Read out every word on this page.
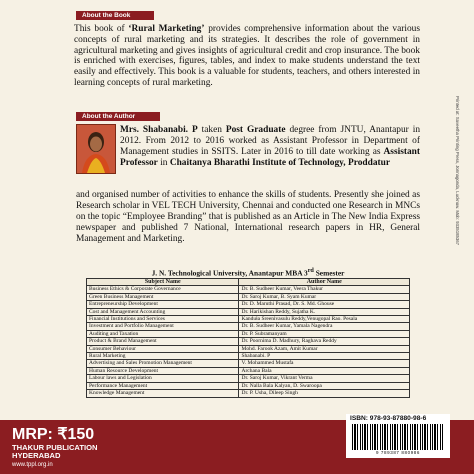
About the Book
This book of ‘Rural Marketing’ provides comprehensive information about the various concepts of rural marketing and its strategies. It describes the role of government in agricultural marketing and gives insights of agricultural credit and crop insurance. The book is enriched with exercises, figures, tables, and index to make students understand the text easily and effectively. This book is a valuable for students, teachers, and others interested in learning concepts of rural marketing.
About the Author
Mrs. Shabanabi. P taken Post Graduate degree from JNTU, Anantapur in 2012. From 2012 to 2016 worked as Assistant Professor in Department of Management studies in SSITS. Later in 2016 to till date working as Assistant Professor in Chaitanya Bharathi Institute of Technology, Proddatur
and organised number of activities to enhance the skills of students. Presently she joined as Research scholar in VEL TECH University, Chennai and conducted one Research in MNCs on the topic “Employee Branding” that is published as an Article in The New India Express newspaper and published 7 National, International research papers in HR, General Management and Marketing.
J. N. Technological University, Anantapur MBA 3rd Semester
Subject Name	Author Name
Business Ethics & Corporate Governance	Dr. B. Sudheer Kumar, Veera Thakur
Green Business Management	Dr. Saroj Kumar, B. Syam Kumar
Entrepreneurship Development	Dr. D. Maruthi Prasad, Dr. S. Md. Ghouse
Cost and Management Accounting	Dr. Harikishan Reddy, Sujatha K.
Financial Institutions and Services	Kanduła Sreenivasulu Reddy,Venugopal Rao. Pesala
Investment and Portfolio Management	Dr. B. Sudheer Kumar, Yamala Nagendra
Auditing and Taxation	Dr. P. Subramanyam
Product & Brand Management	Dr. Poornima D. Madhury, Raghava Reddy
Consumer Behaviour	Mohd. Farook Azam, Amit Kumar
Rural Marketing	Shabanabi. P
Advertising and Sales Promotion Management	V. Mohammed Mustafa
Human Resource Development	Archana Bala
Labour laws and Legislation	Dr. Saroj Kumar, Vikrant Verma
Performance Management	Dr. Nalla Bala Kalyan, D. Swaroopa
Knowledge Management	Dr. P. Usha, Dileep Singh
Printed at: Saveetha Printing Press, Jonnagonda, Lucknow. Mob: 9335185367
MRP: ₹150
THAKUR PUBLICATION
HYDERABAD
www.tppl.org.in
ISBN: 978-93-87880-98-6
9 789387 880986
